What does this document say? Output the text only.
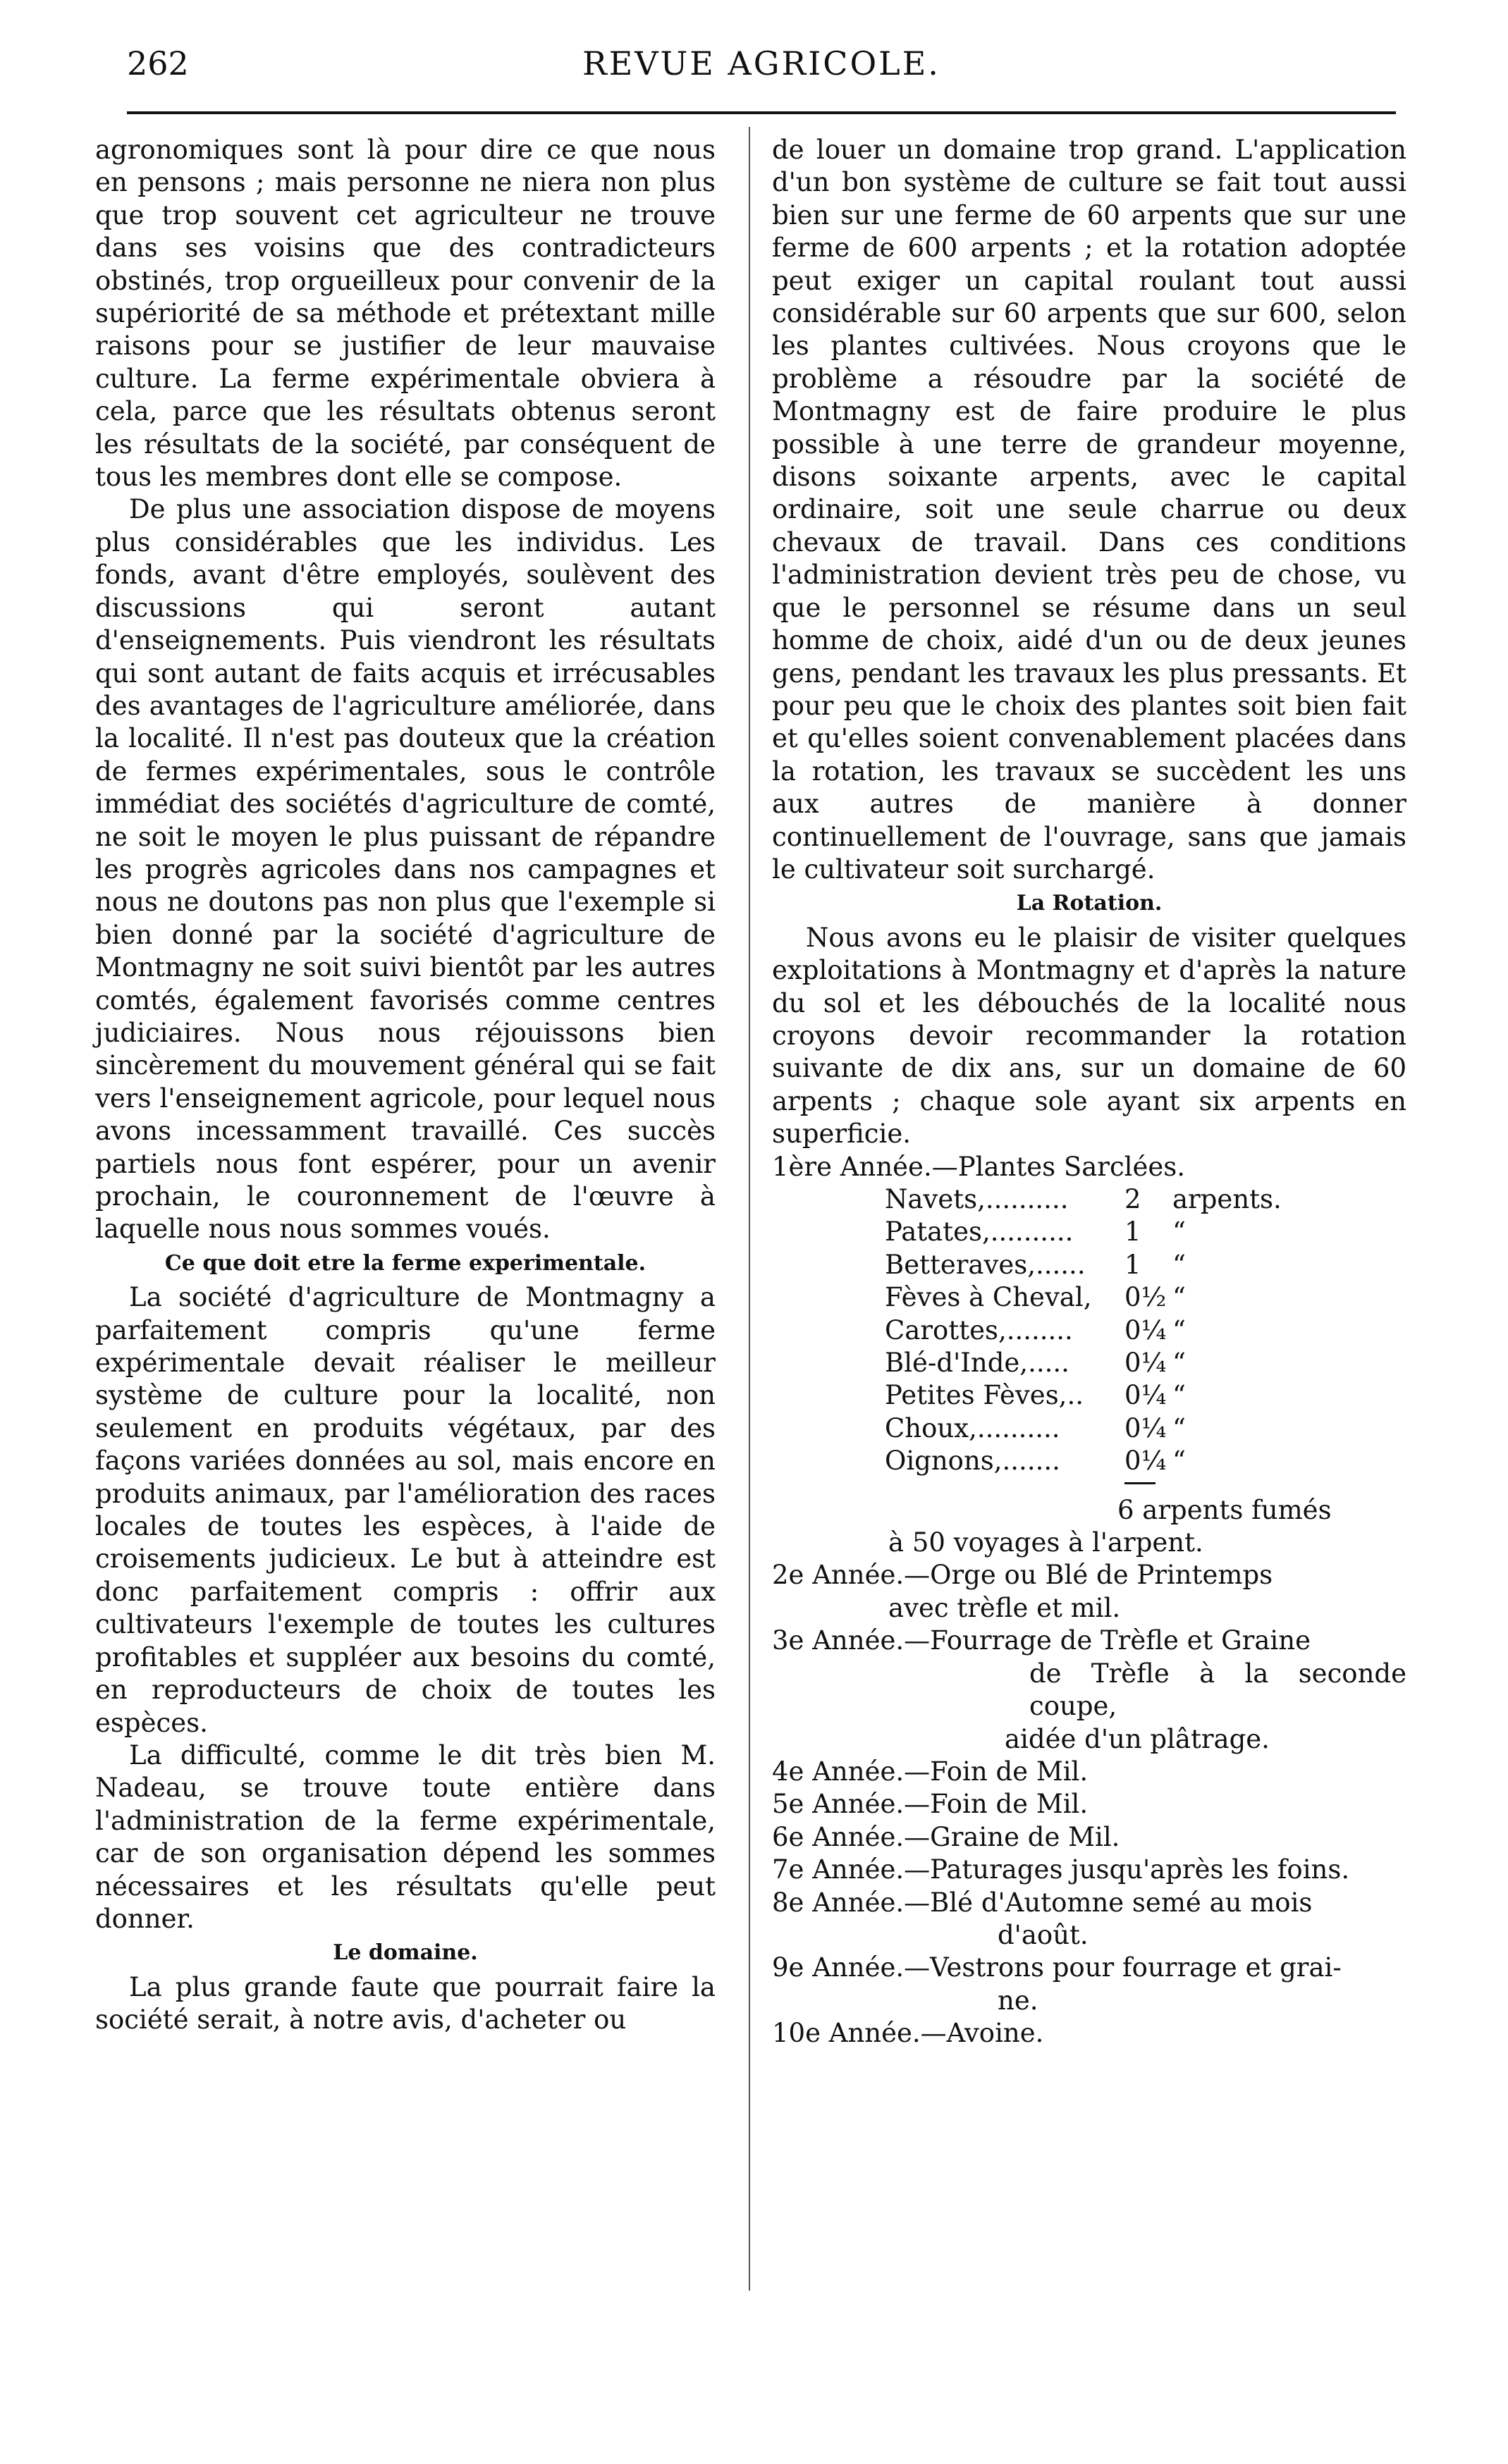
262	REVUE AGRICOLE.

agronomiques sont là pour dire ce que nous en pensons ; mais personne ne niera non plus que trop souvent cet agriculteur ne trouve dans ses voisins que des contradicteurs obstinés, trop orgueilleux pour convenir de la supériorité de sa méthode et prétextant mille raisons pour se justifier de leur mauvaise culture. La ferme expérimentale obviera à cela, parce que les résultats obtenus seront les résultats de la société, par conséquent de tous les membres dont elle se compose.

De plus une association dispose de moyens plus considérables que les individus. Les fonds, avant d'être employés, soulèvent des discussions qui seront autant d'enseignements. Puis viendront les résultats qui sont autant de faits acquis et irrécusables des avantages de l'agriculture améliorée, dans la localité. Il n'est pas douteux que la création de fermes expérimentales, sous le contrôle immédiat des sociétés d'agriculture de comté, ne soit le moyen le plus puissant de répandre les progrès agricoles dans nos campagnes et nous ne doutons pas non plus que l'exemple si bien donné par la société d'agriculture de Montmagny ne soit suivi bientôt par les autres comtés, également favorisés comme centres judiciaires. Nous nous réjouissons bien sincèrement du mouvement général qui se fait vers l'enseignement agricole, pour lequel nous avons incessamment travaillé. Ces succès partiels nous font espérer, pour un avenir prochain, le couronnement de l'œuvre à laquelle nous nous sommes voués.

Ce que doit etre la ferme experimentale.

La société d'agriculture de Montmagny a parfaitement compris qu'une ferme expérimentale devait réaliser le meilleur système de culture pour la localité, non seulement en produits végétaux, par des façons variées données au sol, mais encore en produits animaux, par l'amélioration des races locales de toutes les espèces, à l'aide de croisements judicieux. Le but à atteindre est donc parfaitement compris : offrir aux cultivateurs l'exemple de toutes les cultures profitables et suppléer aux besoins du comté, en reproducteurs de choix de toutes les espèces.

La difficulté, comme le dit très bien M. Nadeau, se trouve toute entière dans l'administration de la ferme expérimentale, car de son organisation dépend les sommes nécessaires et les résultats qu'elle peut donner.

Le domaine.

La plus grande faute que pourrait faire la société serait, à notre avis, d'acheter ou

de louer un domaine trop grand. L'application d'un bon système de culture se fait tout aussi bien sur une ferme de 60 arpents que sur une ferme de 600 arpents ; et la rotation adoptée peut exiger un capital roulant tout aussi considérable sur 60 arpents que sur 600, selon les plantes cultivées. Nous croyons que le problème a résoudre par la société de Montmagny est de faire produire le plus possible à une terre de grandeur moyenne, disons soixante arpents, avec le capital ordinaire, soit une seule charrue ou deux chevaux de travail. Dans ces conditions l'administration devient très peu de chose, vu que le personnel se résume dans un seul homme de choix, aidé d'un ou de deux jeunes gens, pendant les travaux les plus pressants. Et pour peu que le choix des plantes soit bien fait et qu'elles soient convenablement placées dans la rotation, les travaux se succèdent les uns aux autres de manière à donner continuellement de l'ouvrage, sans que jamais le cultivateur soit surchargé.

La Rotation.

Nous avons eu le plaisir de visiter quelques exploitations à Montmagny et d'après la nature du sol et les débouchés de la localité nous croyons devoir recommander la rotation suivante de dix ans, sur un domaine de 60 arpents ; chaque sole ayant six arpents en superficie.

1ère Année.—Plantes Sarclées.

Navets,..........	2	arpents.
Patates,..........	1	“
Betteraves,......	1	“
Fèves à Cheval,	0½	“
Carottes,........	0¼	“
Blé-d'Inde,.....	0¼	“
Petites Fèves,..	0¼	“
Choux,..........	0¼	“
Oignons,.......	0¼	“

6 arpents fumés

à 50 voyages à l'arpent.

2e Année.—Orge ou Blé de Printemps

avec trèfle et mil.

3e Année.—Fourrage de Trèfle et Graine

de Trèfle à la seconde coupe,

aidée d'un plâtrage.

4e Année.—Foin de Mil.

5e Année.—Foin de Mil.

6e Année.—Graine de Mil.

7e Année.—Paturages jusqu'après les foins.

8e Année.—Blé d'Automne semé au mois

d'août.

9e Année.—Vestrons pour fourrage et grai-

ne.

10e Année.—Avoine.
